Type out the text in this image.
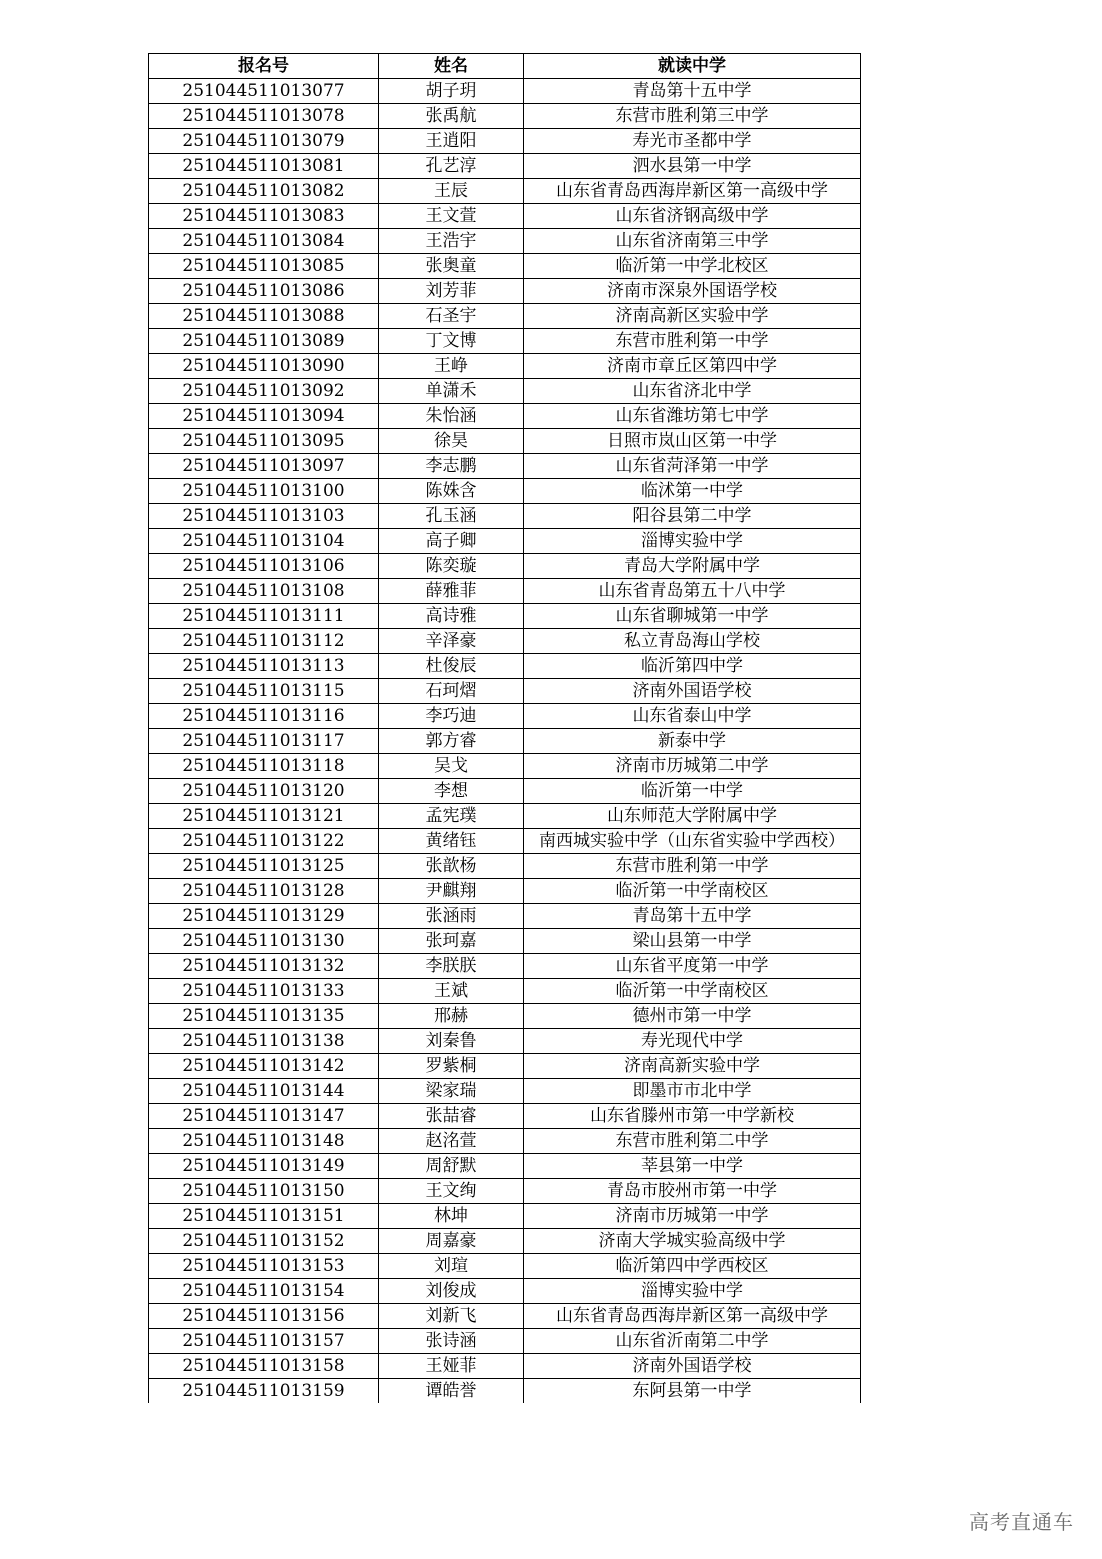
报名号	姓名	就读中学
251044511013077	胡子玥	青岛第十五中学
251044511013078	张禹航	东营市胜利第三中学
251044511013079	王逍阳	寿光市圣都中学
251044511013081	孔艺淳	泗水县第一中学
251044511013082	王辰	山东省青岛西海岸新区第一高级中学
251044511013083	王文萱	山东省济钢高级中学
251044511013084	王浩宇	山东省济南第三中学
251044511013085	张奥童	临沂第一中学北校区
251044511013086	刘芳菲	济南市深泉外国语学校
251044511013088	石圣宇	济南高新区实验中学
251044511013089	丁文博	东营市胜利第一中学
251044511013090	王峥	济南市章丘区第四中学
251044511013092	单潇禾	山东省济北中学
251044511013094	朱怡涵	山东省潍坊第七中学
251044511013095	徐昊	日照市岚山区第一中学
251044511013097	李志鹏	山东省菏泽第一中学
251044511013100	陈姝含	临沭第一中学
251044511013103	孔玉涵	阳谷县第二中学
251044511013104	高子卿	淄博实验中学
251044511013106	陈奕璇	青岛大学附属中学
251044511013108	薛雅菲	山东省青岛第五十八中学
251044511013111	高诗雅	山东省聊城第一中学
251044511013112	辛泽豪	私立青岛海山学校
251044511013113	杜俊辰	临沂第四中学
251044511013115	石珂熠	济南外国语学校
251044511013116	李巧迪	山东省泰山中学
251044511013117	郭方睿	新泰中学
251044511013118	吴戈	济南市历城第二中学
251044511013120	李想	临沂第一中学
251044511013121	孟宪璞	山东师范大学附属中学
251044511013122	黄绪钰	南西城实验中学（山东省实验中学西校）
251044511013125	张歆杨	东营市胜利第一中学
251044511013128	尹麒翔	临沂第一中学南校区
251044511013129	张涵雨	青岛第十五中学
251044511013130	张珂嘉	梁山县第一中学
251044511013132	李朕朕	山东省平度第一中学
251044511013133	王斌	临沂第一中学南校区
251044511013135	邢赫	德州市第一中学
251044511013138	刘秦鲁	寿光现代中学
251044511013142	罗紫桐	济南高新实验中学
251044511013144	梁家瑞	即墨市市北中学
251044511013147	张喆睿	山东省滕州市第一中学新校
251044511013148	赵洺萱	东营市胜利第二中学
251044511013149	周舒默	莘县第一中学
251044511013150	王文绚	青岛市胶州市第一中学
251044511013151	林坤	济南市历城第一中学
251044511013152	周嘉豪	济南大学城实验高级中学
251044511013153	刘瑄	临沂第四中学西校区
251044511013154	刘俊成	淄博实验中学
251044511013156	刘新飞	山东省青岛西海岸新区第一高级中学
251044511013157	张诗涵	山东省沂南第二中学
251044511013158	王娅菲	济南外国语学校
251044511013159	谭皓誉	东阿县第一中学
高考直通车
